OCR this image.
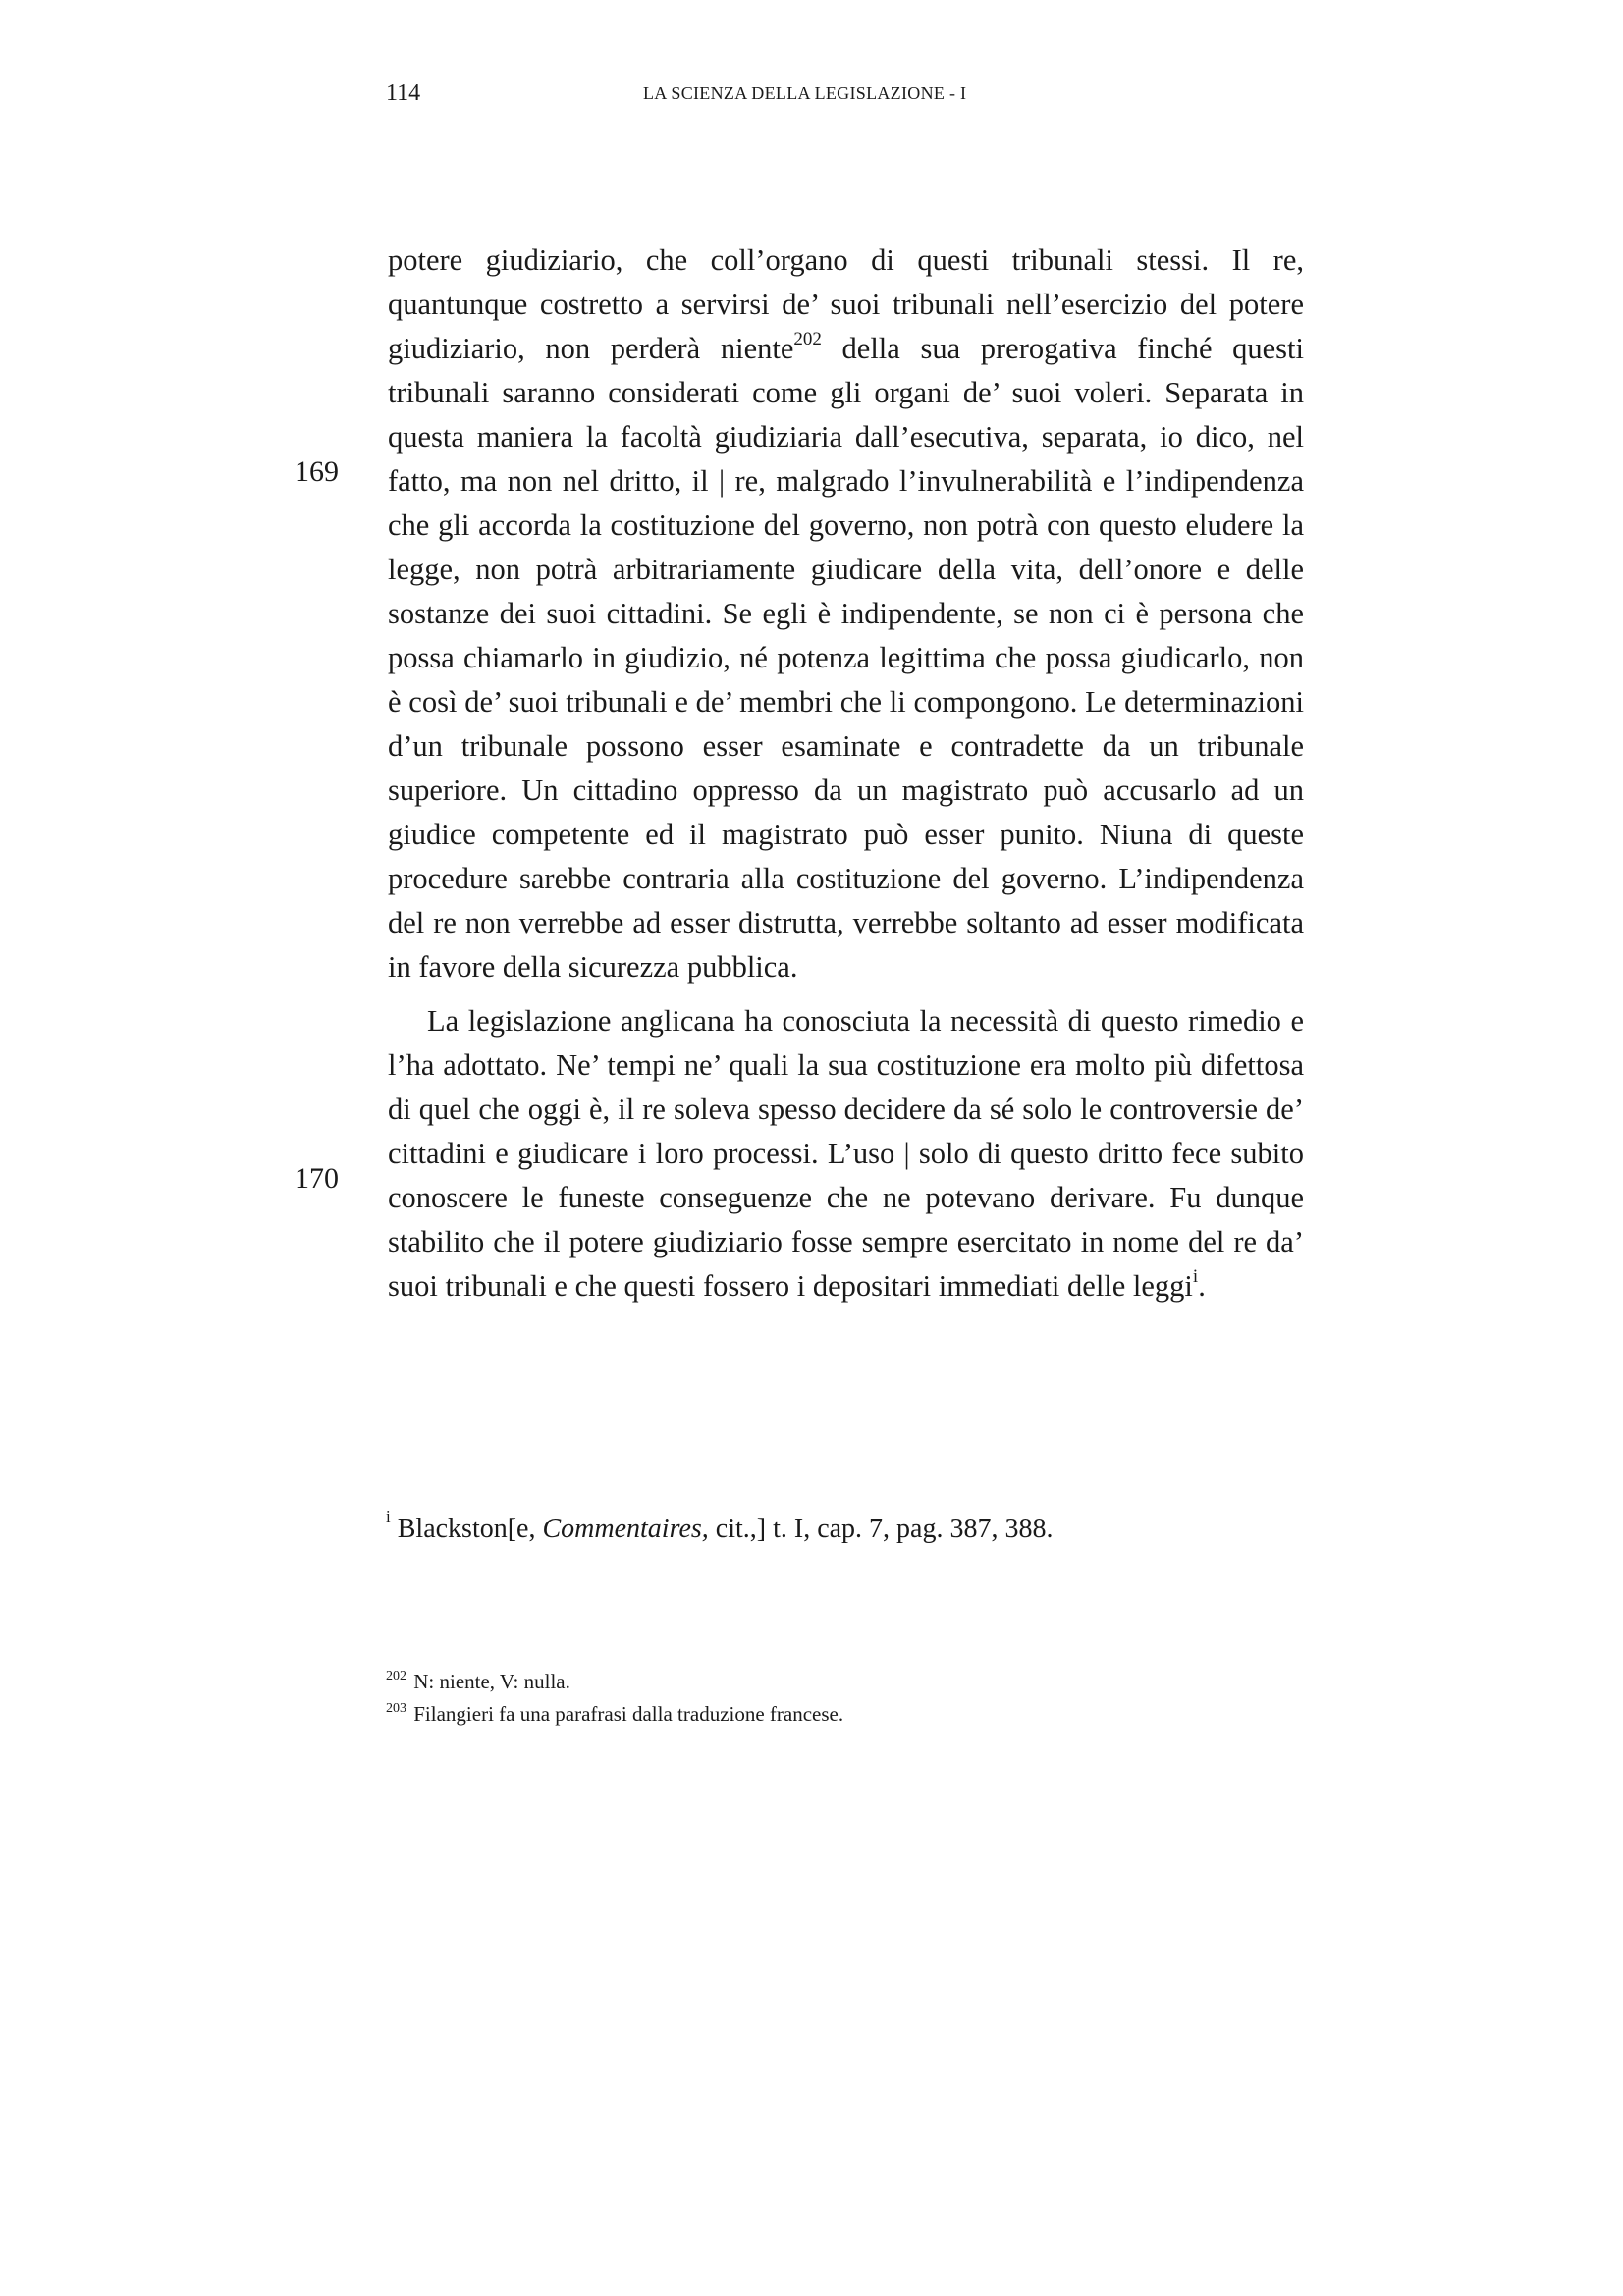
114	LA SCIENZA DELLA LEGISLAZIONE - I
169
170

potere giudiziario, che coll’organo di questi tribunali stessi. Il re, quantunque costretto a servirsi de’ suoi tribunali nell’esercizio del potere giudiziario, non perderà niente$^{202}$ della sua prerogativa finché questi tribunali saranno considerati come gli organi de’ suoi voleri. Separata in questa maniera la facoltà giudiziaria dall’esecutiva, separata, io dico, nel fatto, ma non nel dritto, il | re, malgrado l’invulnerabilità e l’indipendenza che gli accorda la costituzione del governo, non potrà con questo eludere la legge, non potrà arbitrariamente giudicare della vita, dell’onore e delle sostanze dei suoi cittadini. Se egli è indipendente, se non ci è persona che possa chiamarlo in giudizio, né potenza legittima che possa giudicarlo, non è così de’ suoi tribunali e de’ membri che li compongono. Le determinazioni d’un tribunale possono esser esaminate e contradette da un tribunale superiore. Un cittadino oppresso da un magistrato può accusarlo ad un giudice competente ed il magistrato può esser punito. Niuna di queste procedure sarebbe contraria alla costituzione del governo. L’indipendenza del re non verrebbe ad esser distrutta, verrebbe soltanto ad esser modificata in favore della sicurezza pubblica.

La legislazione anglicana ha conosciuta la necessità di questo rimedio e l’ha adottato. Ne’ tempi ne’ quali la sua costituzione era molto più difettosa di quel che oggi è, il re soleva spesso decidere da sé solo le controversie de’ cittadini e giudicare i loro processi. L’uso | solo di questo dritto fece subito conoscere le funeste conseguenze che ne potevano derivare. Fu dunque stabilito che il potere giudiziario fosse sempre esercitato in nome del re da’ suoi tribunali e che questi fossero i depositari immediati delle leggi$^i$.

$^i$ Blackston[e, Commentaires, cit.,] t. I, cap. 7, pag. 387, 388.
$^{202}$ N: niente, V: nulla.
$^{203}$ Filangieri fa una parafrasi dalla traduzione francese.
